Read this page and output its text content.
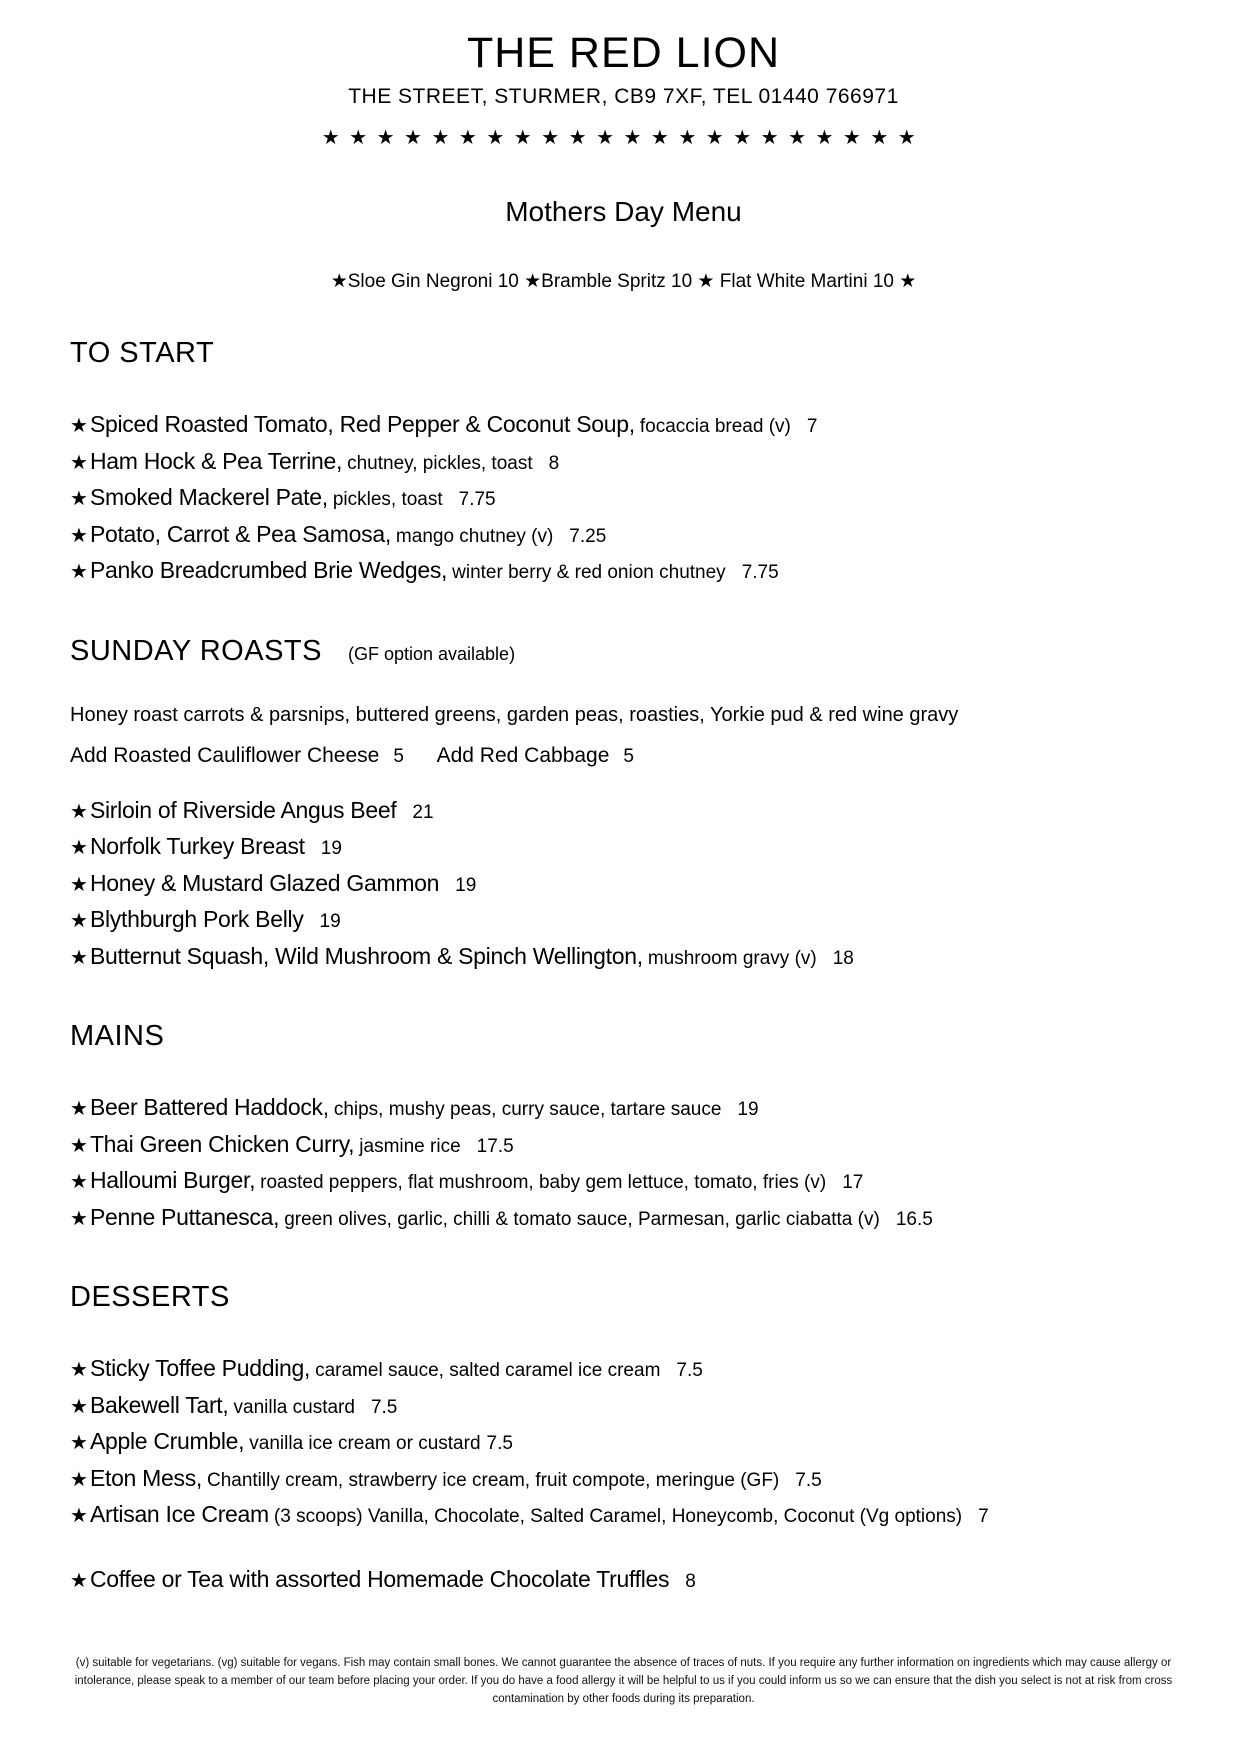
THE RED LION
THE STREET, STURMER, CB9 7XF, TEL 01440 766971
★★★★★★★★★★★★★★★★★★★★★★
Mothers Day Menu
★Sloe Gin Negroni 10 ★Bramble Spritz 10 ★ Flat White Martini 10 ★
TO START
★Spiced Roasted Tomato, Red Pepper & Coconut Soup, focaccia bread (v) 7
★Ham Hock & Pea Terrine, chutney, pickles, toast 8
★Smoked Mackerel Pate, pickles, toast 7.75
★Potato, Carrot & Pea Samosa, mango chutney (v) 7.25
★Panko Breadcrumbed Brie Wedges, winter berry & red onion chutney 7.75
SUNDAY ROASTS (GF option available)
Honey roast carrots & parsnips, buttered greens, garden peas, roasties, Yorkie pud & red wine gravy
Add Roasted Cauliflower Cheese 5 Add Red Cabbage 5
★Sirloin of Riverside Angus Beef 21
★Norfolk Turkey Breast 19
★Honey & Mustard Glazed Gammon 19
★Blythburgh Pork Belly 19
★Butternut Squash, Wild Mushroom & Spinch Wellington, mushroom gravy (v) 18
MAINS
★Beer Battered Haddock, chips, mushy peas, curry sauce, tartare sauce 19
★Thai Green Chicken Curry, jasmine rice 17.5
★Halloumi Burger, roasted peppers, flat mushroom, baby gem lettuce, tomato, fries (v) 17
★Penne Puttanesca, green olives, garlic, chilli & tomato sauce, Parmesan, garlic ciabatta (v) 16.5
DESSERTS
★Sticky Toffee Pudding, caramel sauce, salted caramel ice cream 7.5
★Bakewell Tart, vanilla custard 7.5
★Apple Crumble, vanilla ice cream or custard 7.5
★Eton Mess, Chantilly cream, strawberry ice cream, fruit compote, meringue (GF) 7.5
★Artisan Ice Cream (3 scoops) Vanilla, Chocolate, Salted Caramel, Honeycomb, Coconut (Vg options) 7
★Coffee or Tea with assorted Homemade Chocolate Truffles 8
(v) suitable for vegetarians. (vg) suitable for vegans. Fish may contain small bones. We cannot guarantee the absence of traces of nuts. If you require any further information on ingredients which may cause allergy or intolerance, please speak to a member of our team before placing your order. If you do have a food allergy it will be helpful to us if you could inform us so we can ensure that the dish you select is not at risk from cross contamination by other foods during its preparation.
